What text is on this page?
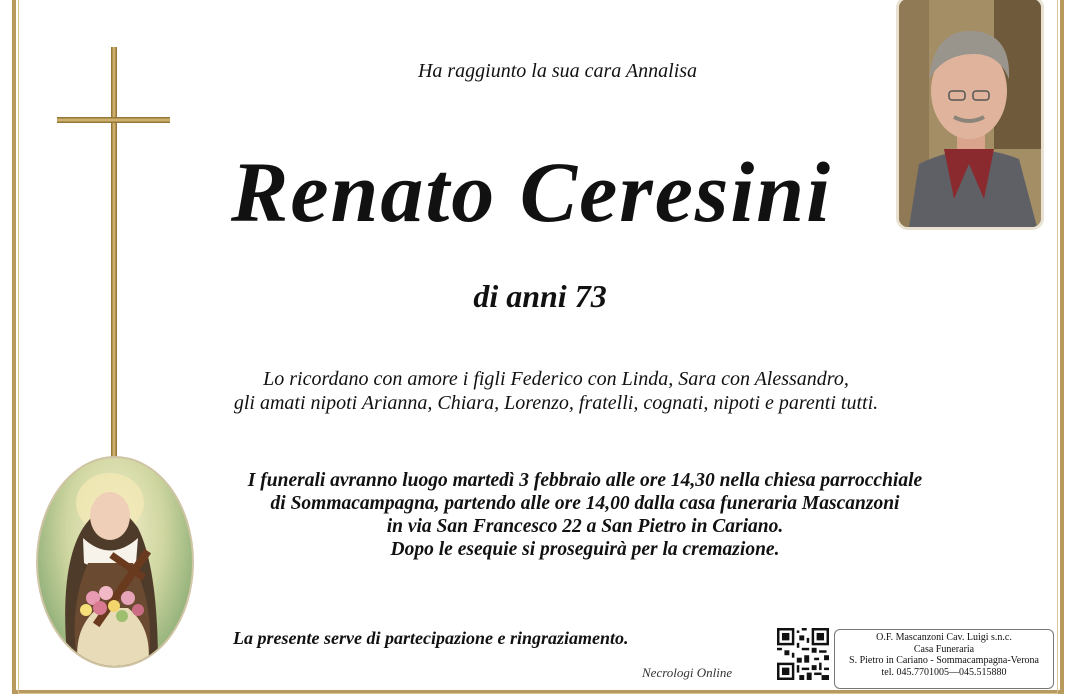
Ha raggiunto la sua cara Annalisa
Renato Ceresini
di anni 73
Lo ricordano con amore i figli Federico con Linda, Sara con Alessandro,
gli amati nipoti Arianna, Chiara, Lorenzo, fratelli, cognati, nipoti e parenti tutti.
I funerali avranno luogo martedì 3 febbraio alle ore 14,30 nella chiesa parrocchiale
di Sommacampagna, partendo alle ore 14,00 dalla casa funeraria Mascanzoni
in via San Francesco 22 a San Pietro in Cariano.
Dopo le esequie si proseguirà per la cremazione.
La presente serve di partecipazione e ringraziamento.
Necrologi Online
O.F. Mascanzoni Cav. Luigi s.n.c.
Casa Funeraria
S. Pietro in Cariano - Sommacampagna-Verona
tel. 045.7701005—045.515880
